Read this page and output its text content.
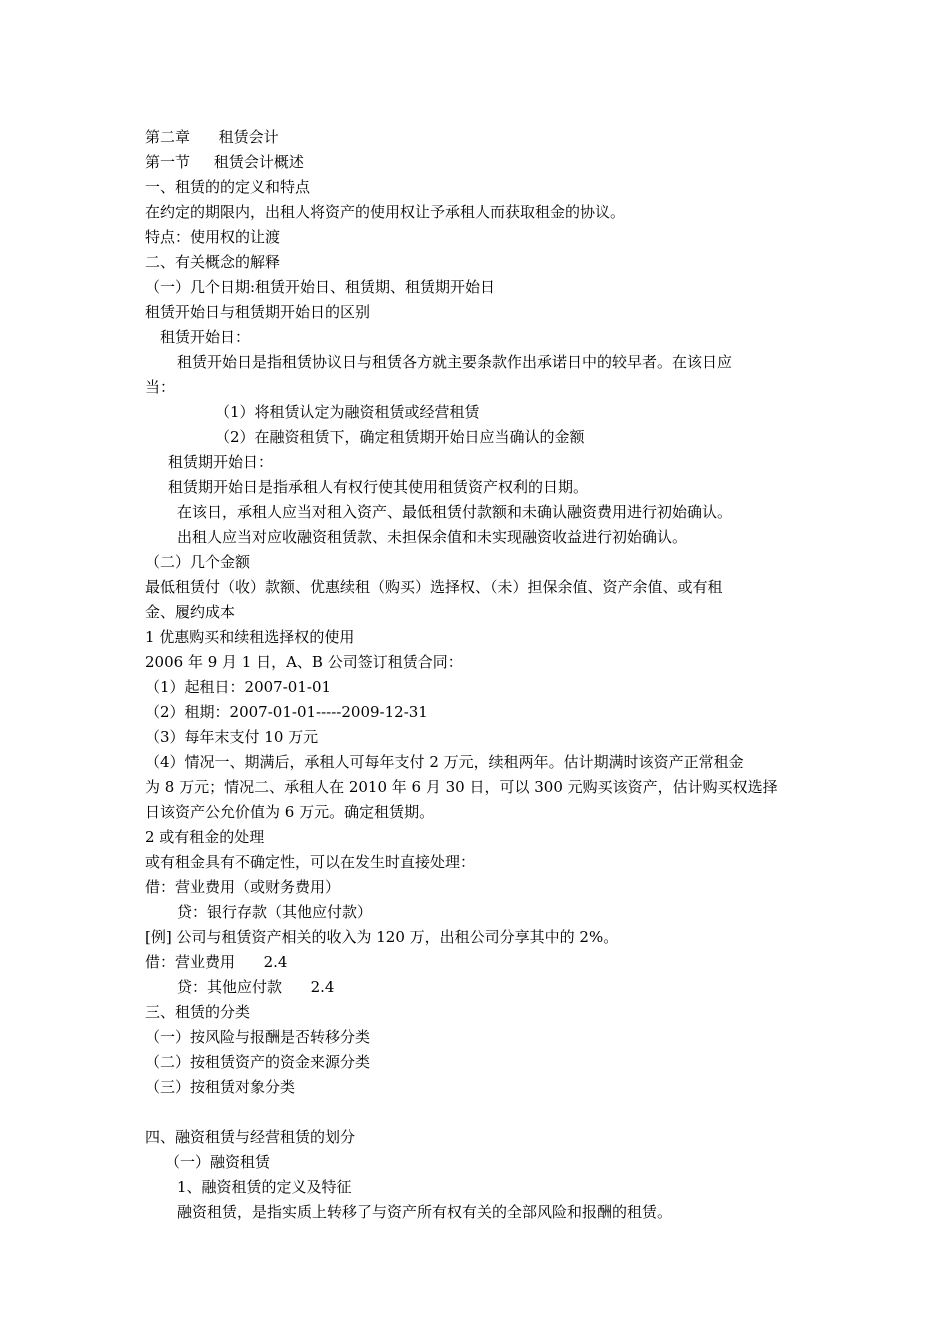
第二章      租赁会计
第一节     租赁会计概述
一、租赁的的定义和特点
在约定的期限内，出租人将资产的使用权让予承租人而获取租金的协议。
特点：使用权的让渡
二、有关概念的解释
（一）几个日期:租赁开始日、租赁期、租赁期开始日
租赁开始日与租赁期开始日的区别
租赁开始日：
租赁开始日是指租赁协议日与租赁各方就主要条款作出承诺日中的较早者。在该日应
当：
（1）将租赁认定为融资租赁或经营租赁
（2）在融资租赁下，确定租赁期开始日应当确认的金额
租赁期开始日：
租赁期开始日是指承租人有权行使其使用租赁资产权利的日期。
在该日，承租人应当对租入资产、最低租赁付款额和未确认融资费用进行初始确认。
出租人应当对应收融资租赁款、未担保余值和未实现融资收益进行初始确认。
（二）几个金额
最低租赁付（收）款额、优惠续租（购买）选择权、（未）担保余值、资产余值、或有租
金、履约成本
1 优惠购买和续租选择权的使用
2006 年 9 月 1 日，A、B 公司签订租赁合同：
（1）起租日：2007-01-01
（2）租期：2007-01-01-----2009-12-31
（3）每年末支付 10 万元
（4）情况一、期满后，承租人可每年支付 2 万元，续租两年。估计期满时该资产正常租金
为 8 万元；情况二、承租人在 2010 年 6 月 30 日，可以 300 元购买该资产，估计购买权选择
日该资产公允价值为 6 万元。确定租赁期。
2 或有租金的处理
或有租金具有不确定性，可以在发生时直接处理：
借：营业费用（或财务费用）
贷：银行存款（其他应付款）
[例] 公司与租赁资产相关的收入为 120 万，出租公司分享其中的 2%。
借：营业费用      2.4
贷：其他应付款      2.4
三、租赁的分类
（一）按风险与报酬是否转移分类
（二）按租赁资产的资金来源分类
（三）按租赁对象分类
四、融资租赁与经营租赁的划分
（一）融资租赁
1、融资租赁的定义及特征
融资租赁，是指实质上转移了与资产所有权有关的全部风险和报酬的租赁。
